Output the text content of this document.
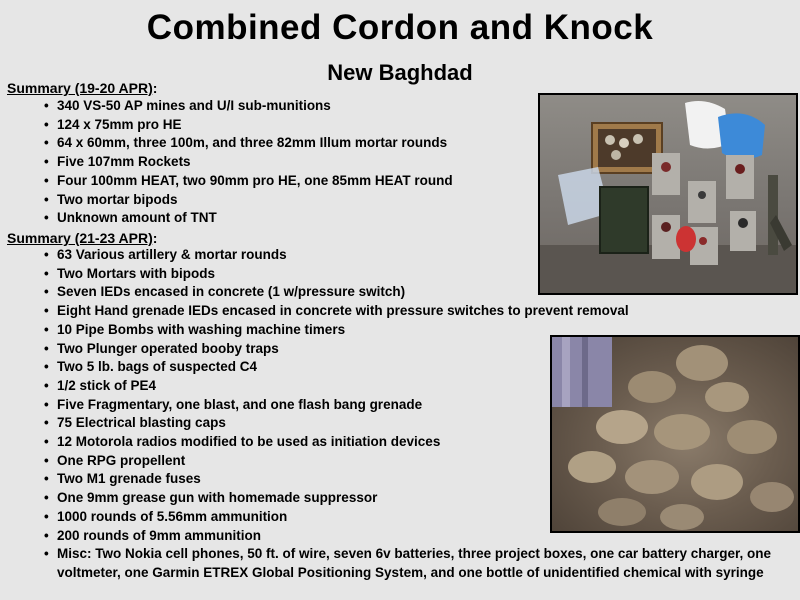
Combined Cordon and Knock
New Baghdad
Summary (19-20 APR):
• 340 VS-50 AP mines and U/I sub-munitions
• 124 x 75mm pro HE
• 64 x 60mm, three 100m, and three 82mm Illum mortar rounds
• Five 107mm Rockets
• Four 100mm HEAT, two 90mm pro HE, one 85mm HEAT round
• Two mortar bipods
• Unknown amount of TNT
Summary (21-23 APR):
• 63 Various artillery & mortar rounds
• Two Mortars with bipods
• Seven IEDs encased in concrete (1 w/pressure switch)
• Eight Hand grenade IEDs encased in concrete with pressure switches to prevent removal
• 10 Pipe Bombs with washing machine timers
• Two Plunger operated booby traps
• Two 5 lb. bags of suspected C4
• 1/2 stick of PE4
• Five Fragmentary, one blast, and one flash bang grenade
• 75 Electrical blasting caps
• 12 Motorola radios modified to be used as initiation devices
• One RPG propellent
• Two M1 grenade fuses
• One 9mm grease gun with homemade suppressor
• 1000 rounds of 5.56mm ammunition
• 200 rounds of 9mm ammunition
• Misc: Two Nokia cell phones, 50 ft. of wire, seven 6v batteries, three project boxes, one car battery charger, one voltmeter, one Garmin ETREX Global Positioning System, and one bottle of unidentified chemical with syringe
